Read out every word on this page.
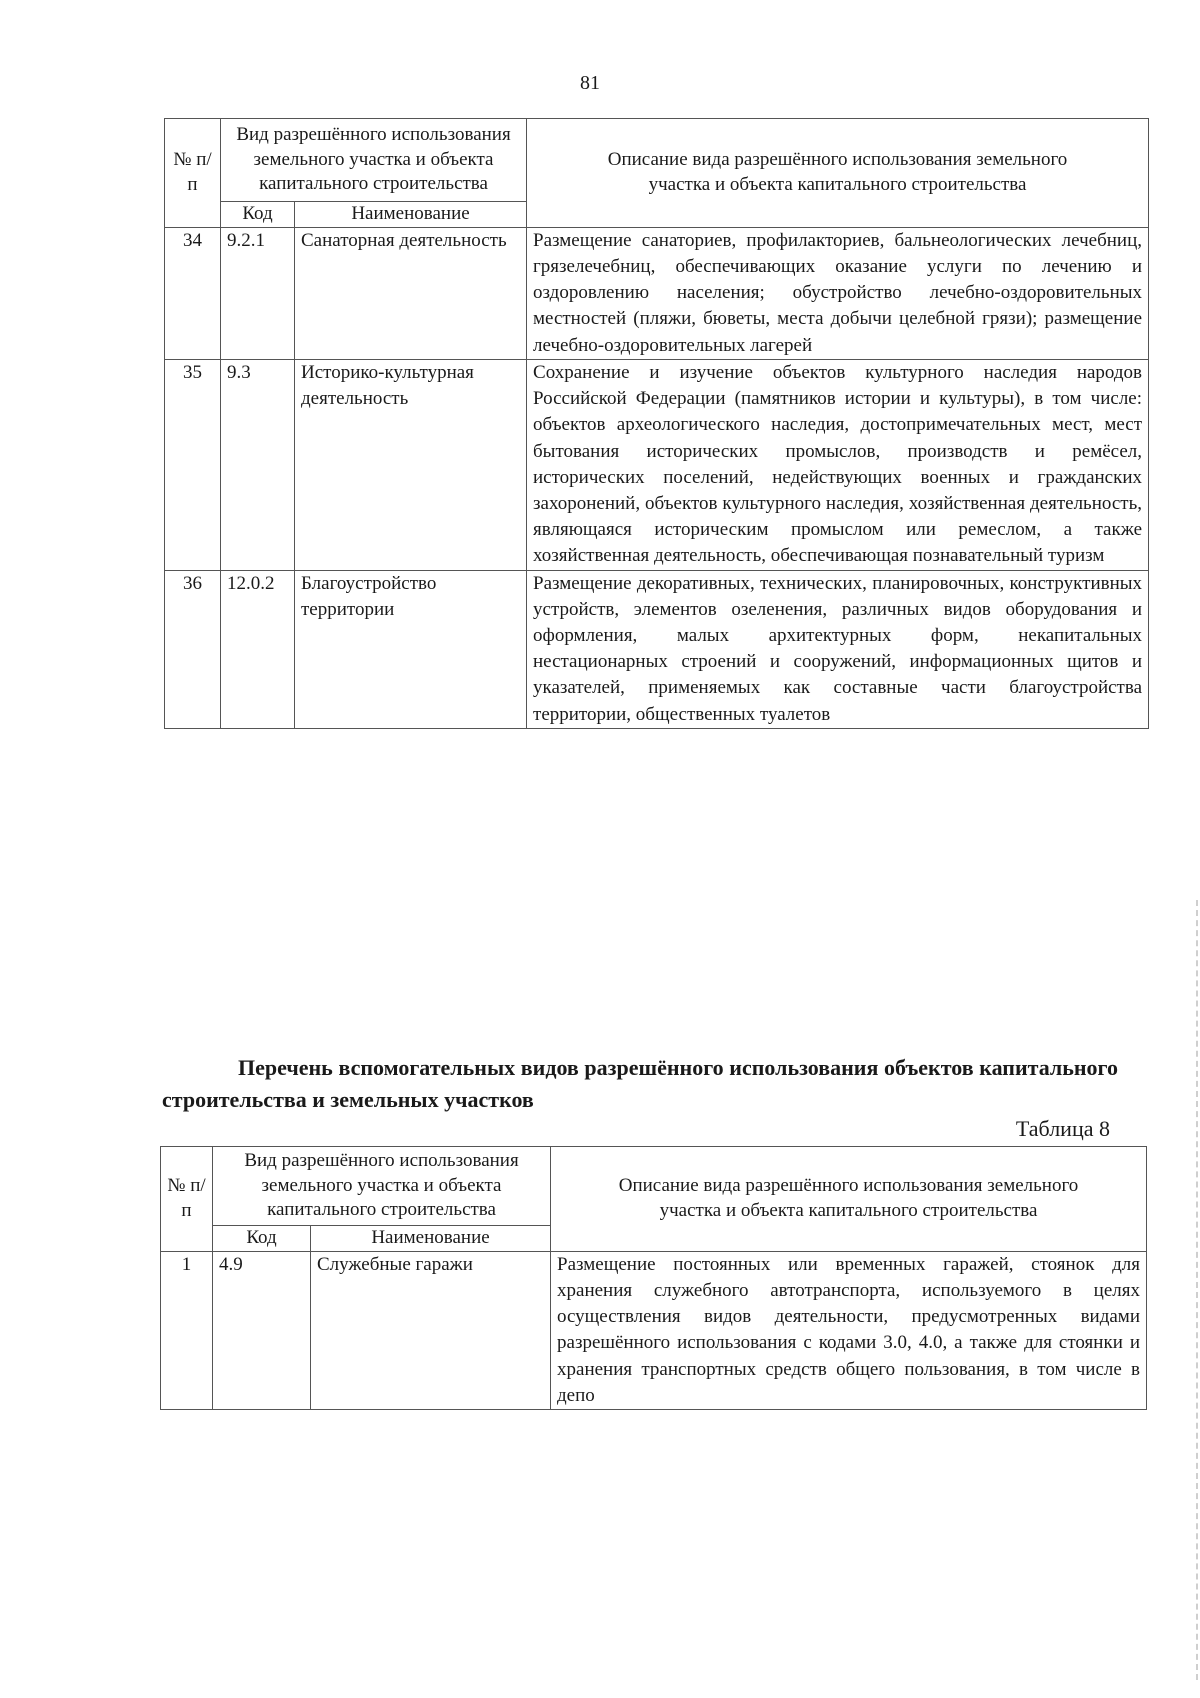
81
№ п/п	Вид разрешённого использования земельного участка и объекта капитального строительства		Описание вида разрешённого использования земельного участка и объекта капитального строительства
	Код	Наименование	
34	9.2.1	Санаторная деятельность	Размещение санаториев, профилакториев, бальнеологических лечебниц, грязелечебниц, обеспечивающих оказание услуги по лечению и оздоровлению населения; обустройство лечебно-оздоровительных местностей (пляжи, бюветы, места добычи целебной грязи); размещение лечебно-оздоровительных лагерей
35	9.3	Историко-культурная деятельность	Сохранение и изучение объектов культурного наследия народов Российской Федерации (памятников истории и культуры), в том числе: объектов археологического наследия, достопримечательных мест, мест бытования исторических промыслов, производств и ремёсел, исторических поселений, недействующих военных и гражданских захоронений, объектов культурного наследия, хозяйственная деятельность, являющаяся историческим промыслом или ремеслом, а также хозяйственная деятельность, обеспечивающая познавательный туризм
36	12.0.2	Благоустройство территории	Размещение декоративных, технических, планировочных, конструктивных устройств, элементов озеленения, различных видов оборудования и оформления, малых архитектурных форм, некапитальных нестационарных строений и сооружений, информационных щитов и указателей, применяемых как составные части благоустройства территории, общественных туалетов
Перечень вспомогательных видов разрешённого использования объектов капитального строительства и земельных участков
Таблица 8
№ п/п	Вид разрешённого использования земельного участка и объекта капитального строительства		Описание вида разрешённого использования земельного участка и объекта капитального строительства
	Код	Наименование	
1	4.9	Служебные гаражи	Размещение постоянных или временных гаражей, стоянок для хранения служебного автотранспорта, используемого в целях осуществления видов деятельности, предусмотренных видами разрешённого использования с кодами 3.0, 4.0, а также для стоянки и хранения транспортных средств общего пользования, в том числе в депо
